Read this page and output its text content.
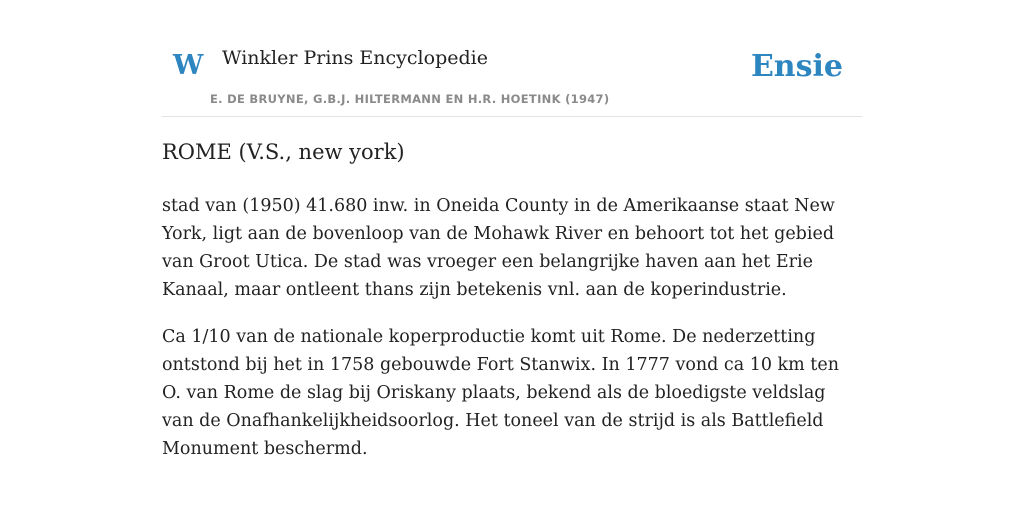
W Winkler Prins Encyclopedie
E. DE BRUYNE, G.B.J. HILTERMANN EN H.R. HOETINK (1947)
Ensie
ROME (V.S., new york)

stad van (1950) 41.680 inw. in Oneida County in de Amerikaanse staat New York, ligt aan de bovenloop van de Mohawk River en behoort tot het gebied van Groot Utica. De stad was vroeger een belangrijke haven aan het Erie Kanaal, maar ontleent thans zijn betekenis vnl. aan de koperindustrie.

Ca 1/10 van de nationale koperproductie komt uit Rome. De nederzetting ontstond bij het in 1758 gebouwde Fort Stanwix. In 1777 vond ca 10 km ten O. van Rome de slag bij Oriskany plaats, bekend als de bloedigste veldslag van de Onafhankelijkheidsoorlog. Het toneel van de strijd is als Battlefield Monument beschermd.
